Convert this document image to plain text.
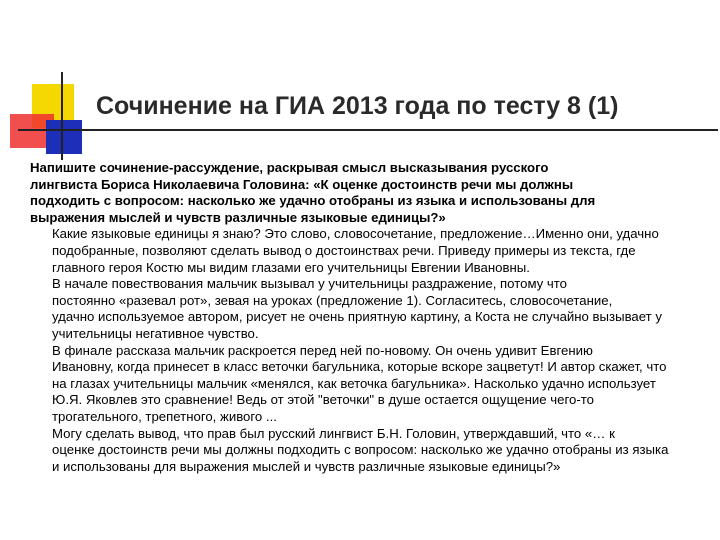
Сочинение на ГИА 2013 года по тесту 8 (1)

Напишите сочинение-рассуждение, раскрывая смысл высказывания русского
лингвиста Бориса Николаевича Головина: «К оценке достоинств речи мы должны
подходить с вопросом: насколько же удачно отобраны из языка и использованы для
выражения мыслей и чувств различные языковые единицы?»

Какие языковые единицы я знаю? Это слово, словосочетание, предложение…Именно они, удачно
подобранные, позволяют сделать вывод о достоинствах речи. Приведу примеры из текста, где
главного героя Костю мы видим глазами его учительницы Евгении Ивановны.

В начале повествования мальчик вызывал у учительницы раздражение, потому что
постоянно «разевал рот», зевая на уроках (предложение 1). Согласитесь, словосочетание,
удачно используемое автором, рисует не очень приятную картину, а Коста не случайно вызывает у
учительницы негативное чувство.

В финале рассказа мальчик раскроется перед ней по-новому. Он очень удивит Евгению
Ивановну, когда принесет в класс веточки багульника, которые вскоре зацветут! И автор скажет, что
на глазах учительницы мальчик «менялся, как веточка багульника». Насколько удачно использует
Ю.Я. Яковлев это сравнение! Ведь от этой "веточки" в душе остается ощущение чего-то
трогательного, трепетного, живого ...

Могу сделать вывод, что прав был русский лингвист Б.Н. Головин, утверждавший, что «… к
оценке достоинств речи мы должны подходить с вопросом: насколько же удачно отобраны из языка
и использованы для выражения мыслей и чувств различные языковые единицы?»
